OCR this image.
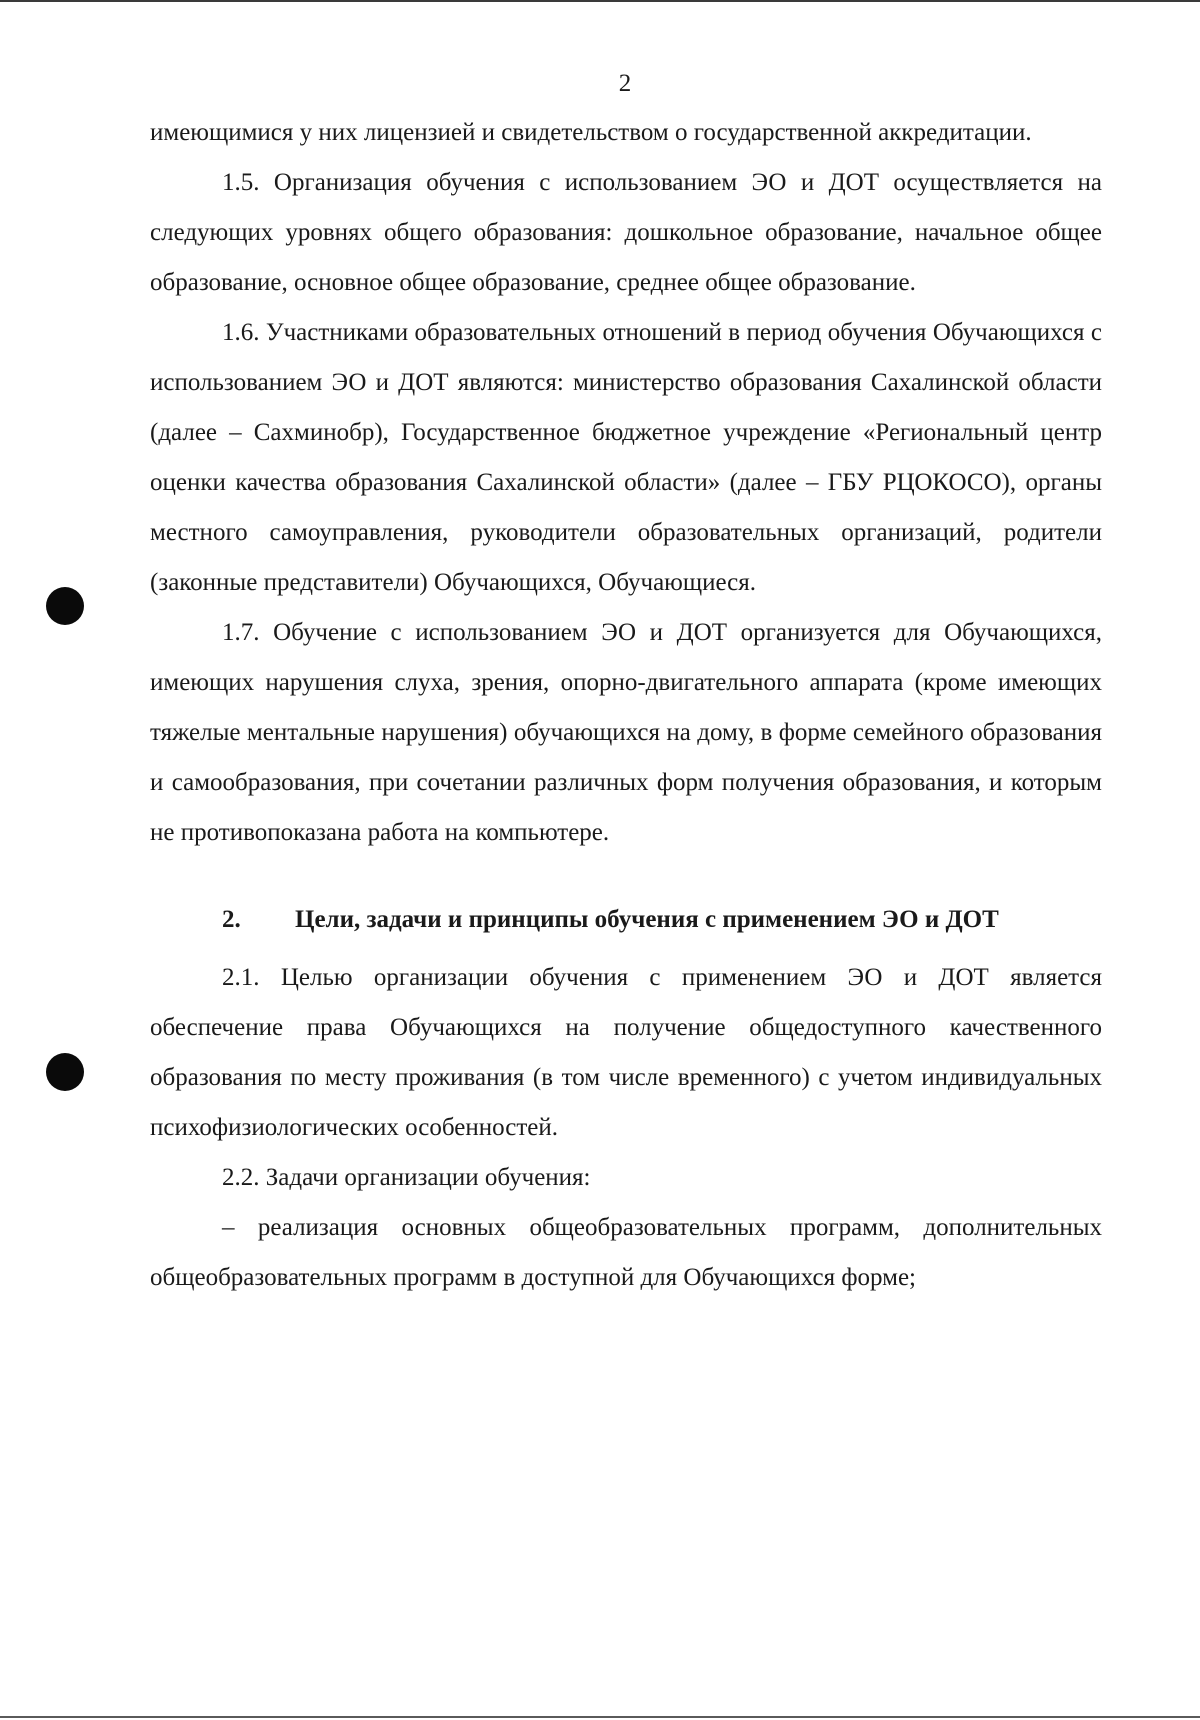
2

имеющимися у них лицензией и свидетельством о государственной аккредитации.

1.5. Организация обучения с использованием ЭО и ДОТ осуществляется на следующих уровнях общего образования: дошкольное образование, начальное общее образование, основное общее образование, среднее общее образование.

1.6. Участниками образовательных отношений в период обучения Обучающихся с использованием ЭО и ДОТ являются: министерство образования Сахалинской области (далее – Сахминобр), Государственное бюджетное учреждение «Региональный центр оценки качества образования Сахалинской области» (далее – ГБУ РЦОКОСО), органы местного самоуправления, руководители образовательных организаций, родители (законные представители) Обучающихся, Обучающиеся.

1.7. Обучение с использованием ЭО и ДОТ организуется для Обучающихся, имеющих нарушения слуха, зрения, опорно-двигательного аппарата (кроме имеющих тяжелые ментальные нарушения) обучающихся на дому, в форме семейного образования и самообразования, при сочетании различных форм получения образования, и которым не противопоказана работа на компьютере.

2.	Цели, задачи и принципы обучения с применением ЭО и ДОТ

2.1. Целью организации обучения с применением ЭО и ДОТ является обеспечение права Обучающихся на получение общедоступного качественного образования по месту проживания (в том числе временного) с учетом индивидуальных психофизиологических особенностей.

2.2. Задачи организации обучения:

– реализация основных общеобразовательных программ, дополнительных общеобразовательных программ в доступной для Обучающихся форме;
